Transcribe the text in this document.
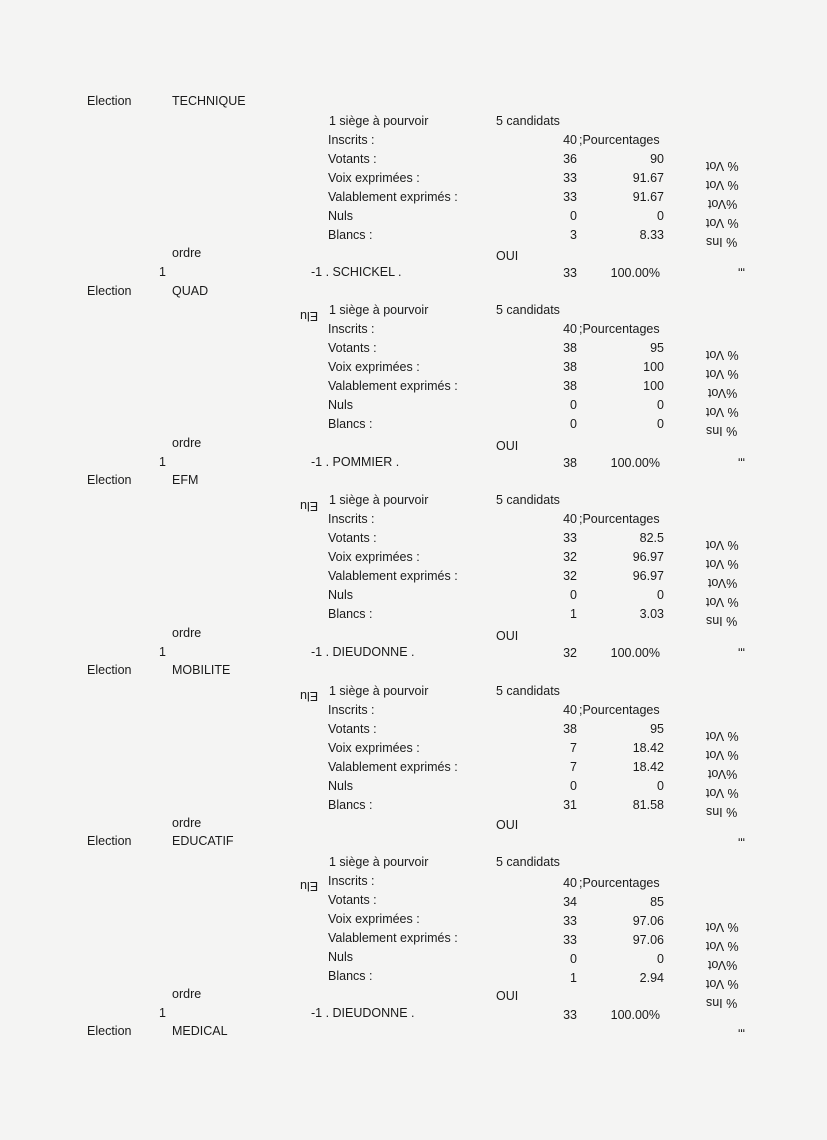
Election	TECHNIQUE
1 siège à pourvoir	5 candidats
Inscrits :	40 ;Pourcentages
Votants :	36	90
Voix exprimées :	33	91.67
Valablement exprimés :	33	91.67
Nuls	0	0
Blancs :	3	8.33
ordre	OUI
1	-1 . SCHICKEL .	33	100.00%
% Vot
% Vot
%Vot
% Vot
% Ins
"'
Election	QUAD
Elu 1 siège à pourvoir	5 candidats
Inscrits :	40 ;Pourcentages
Votants :	38	95
Voix exprimées :	38	100
Valablement exprimés :	38	100
Nuls	0	0
Blancs :	0	0
ordre	OUI
1	-1 . POMMIER .	38	100.00%
% Vot
% Vot
%Vot
% Vot
% Ins
"'
Election	EFM
Elu 1 siège à pourvoir	5 candidats
Inscrits :	40 ;Pourcentages
Votants :	33	82.5
Voix exprimées :	32	96.97
Valablement exprimés :	32	96.97
Nuls	0	0
Blancs :	1	3.03
ordre	OUI
1	-1 . DIEUDONNE .	32	100.00%
% Vot
% Vot
%Vot
% Vot
% Ins
"'
Election	MOBILITE
Elu 1 siège à pourvoir	5 candidats
Inscrits :	40 ;Pourcentages
Votants :	38	95
Voix exprimées :	7	18.42
Valablement exprimés :	7	18.42
Nuls	0	0
Blancs :	31	81.58
ordre	OUI
% Vot
% Vot
%Vot
% Vot
% Ins
"'
Election	EDUCATIF
1 siège à pourvoir	5 candidats
Elu Inscrits :	40 ;Pourcentages
Votants :	34	85
Voix exprimées :	33	97.06
Valablement exprimés :	33	97.06
Nuls	0	0
Blancs :	1	2.94
ordre	OUI
1	-1 . DIEUDONNE .	33	100.00%
% Vot
% Vot
%Vot
% Vot
% Ins
"'
Election	MEDICAL
